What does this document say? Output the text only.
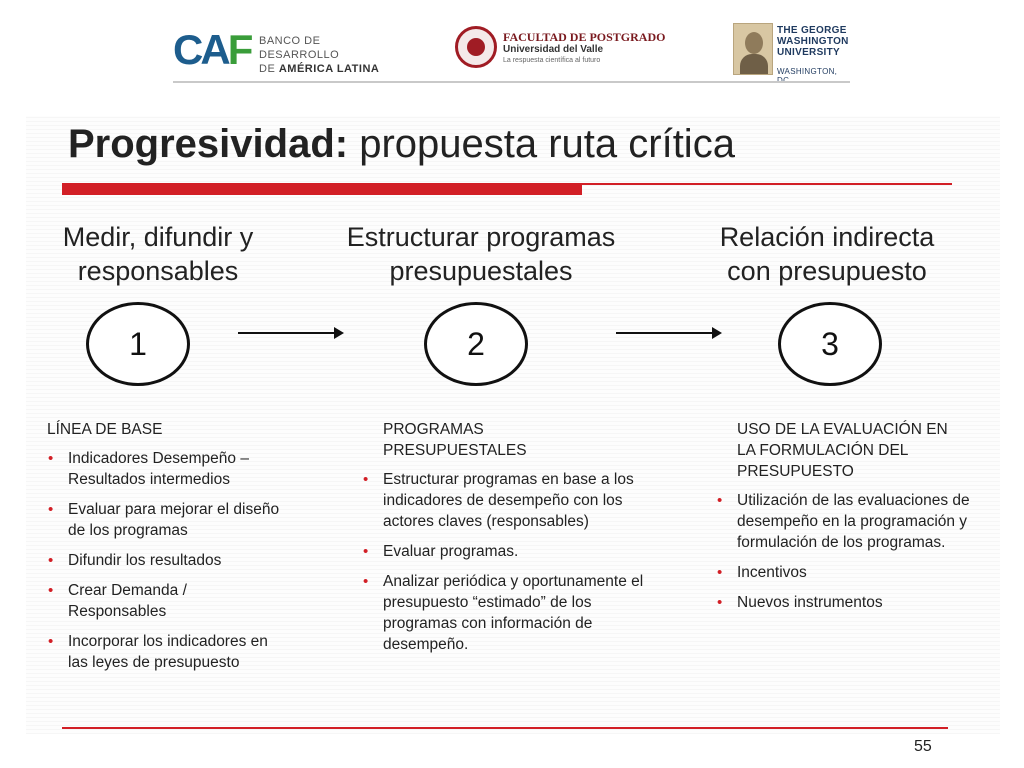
CAF BANCO DE DESARROLLO
DE AMÉRICA LATINA
FACULTAD DE POSTGRADO
Universidad del Valle
La respuesta científica al futuro
THE GEORGE
WASHINGTON
UNIVERSITY
WASHINGTON,
Progresividad: propuesta ruta crítica
Medir, difundir y
responsables
1
Estructurar programas
presupuestales
2
Relación indirecta
con presupuesto
3
LÍNEA DE BASE
• Indicadores Desempeño – Resultados intermedios
• Evaluar para mejorar el diseño de los programas
• Difundir los resultados
• Crear Demanda / Responsables
• Incorporar los indicadores en las leyes de presupuesto
PROGRAMAS PRESUPUESTALES
• Estructurar programas en base a los indicadores de desempeño con los actores claves (responsables)
• Evaluar programas.
• Analizar periódica y oportunamente el presupuesto “estimado” de los programas con información de desempeño.
USO DE LA EVALUACIÓN EN LA FORMULACIÓN DEL PRESUPUESTO
• Utilización de las evaluaciones de desempeño en la programación y formulación de los programas.
• Incentivos
• Nuevos instrumentos
55
